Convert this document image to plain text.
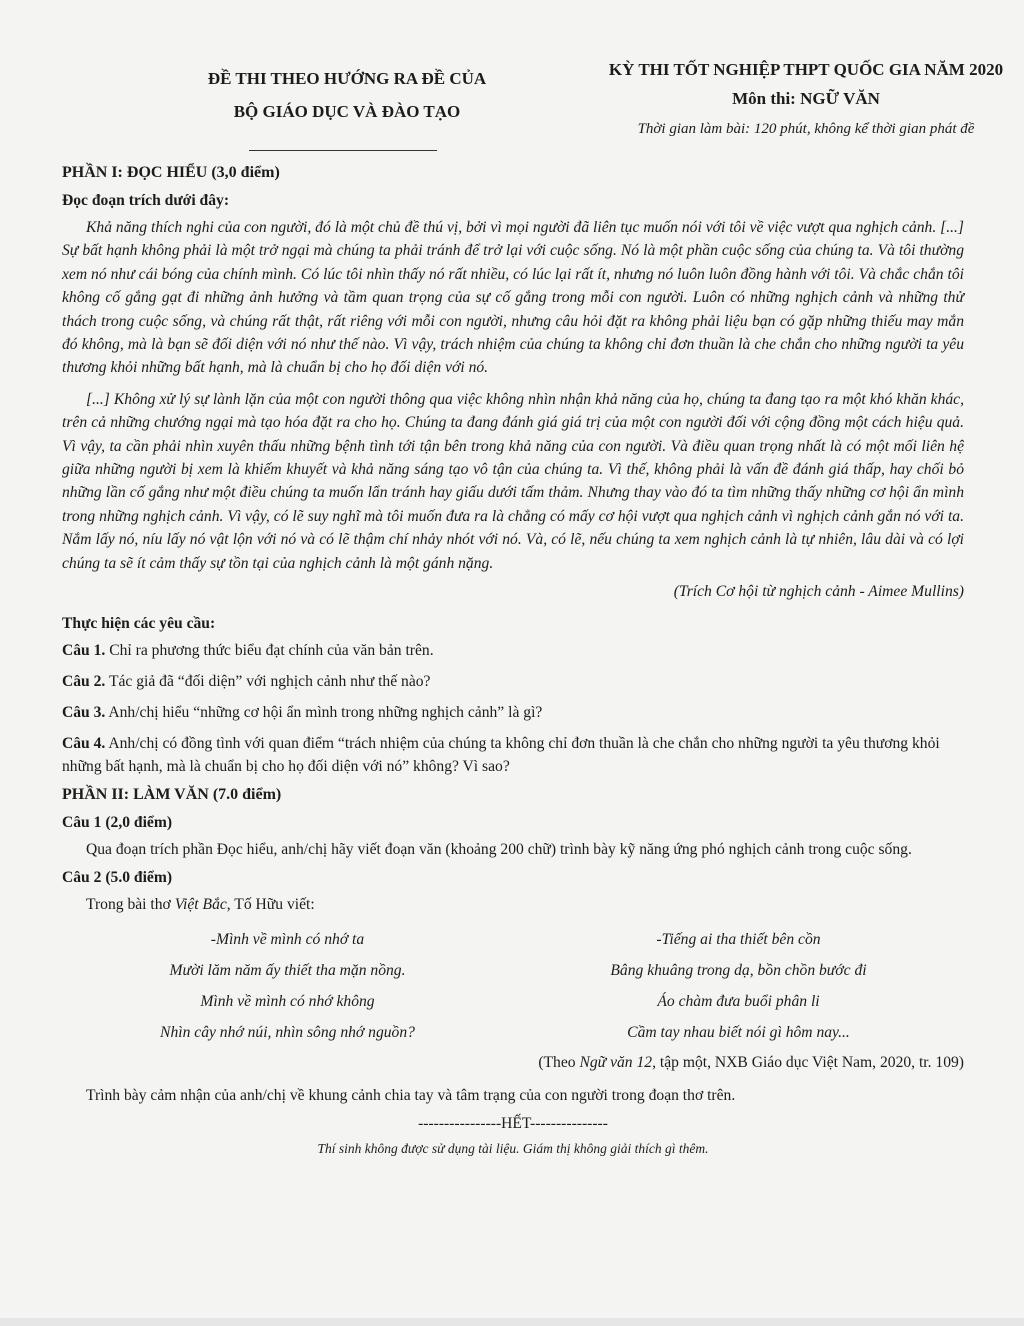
ĐỀ THI THEO HƯỚNG RA ĐỀ CỦA
BỘ GIÁO DỤC VÀ ĐÀO TẠO
KỲ THI TỐT NGHIỆP THPT QUỐC GIA NĂM 2020
Môn thi: NGỮ VĂN
Thời gian làm bài: 120 phút, không kể thời gian phát đề
PHẦN I: ĐỌC HIỂU (3,0 điểm)
Đọc đoạn trích dưới đây:

Khả năng thích nghi của con người, đó là một chủ đề thú vị, bởi vì mọi người đã liên tục muốn nói với tôi về việc vượt qua nghịch cảnh. [...] Sự bất hạnh không phải là một trở ngại mà chúng ta phải tránh để trở lại với cuộc sống. Nó là một phần cuộc sống của chúng ta. Và tôi thường xem nó như cái bóng của chính mình. Có lúc tôi nhìn thấy nó rất nhiều, có lúc lại rất ít, nhưng nó luôn luôn đồng hành với tôi. Và chắc chắn tôi không cố gắng gạt đi những ảnh hưởng và tầm quan trọng của sự cố gắng trong mỗi con người. Luôn có những nghịch cảnh và những thử thách trong cuộc sống, và chúng rất thật, rất riêng với mỗi con người, nhưng câu hỏi đặt ra không phải liệu bạn có gặp những thiếu may mắn đó không, mà là bạn sẽ đối diện với nó như thế nào. Vì vậy, trách nhiệm của chúng ta không chỉ đơn thuần là che chắn cho những người ta yêu thương khỏi những bất hạnh, mà là chuẩn bị cho họ đối diện với nó.

[...] Không xử lý sự lành lặn của một con người thông qua việc không nhìn nhận khả năng của họ, chúng ta đang tạo ra một khó khăn khác, trên cả những chướng ngại mà tạo hóa đặt ra cho họ. Chúng ta đang đánh giá giá trị của một con người đối với cộng đồng một cách hiệu quả. Vì vậy, ta cần phải nhìn xuyên thấu những bệnh tình tới tận bên trong khả năng của con người. Và điều quan trọng nhất là có một mối liên hệ giữa những người bị xem là khiếm khuyết và khả năng sáng tạo vô tận của chúng ta. Vì thế, không phải là vấn đề đánh giá thấp, hay chối bỏ những lần cố gắng như một điều chúng ta muốn lẩn tránh hay giấu dưới tấm thảm. Nhưng thay vào đó ta tìm những thấy những cơ hội ẩn mình trong những nghịch cảnh. Vì vậy, có lẽ suy nghĩ mà tôi muốn đưa ra là chẳng có mấy cơ hội vượt qua nghịch cảnh vì nghịch cảnh gắn nó với ta. Nắm lấy nó, níu lấy nó vật lộn với nó và có lẽ thậm chí nhảy nhót với nó. Và, có lẽ, nếu chúng ta xem nghịch cảnh là tự nhiên, lâu dài và có lợi chúng ta sẽ ít cảm thấy sự tồn tại của nghịch cảnh là một gánh nặng.

(Trích Cơ hội từ nghịch cảnh - Aimee Mullins)
Thực hiện các yêu cầu:
Câu 1. Chỉ ra phương thức biểu đạt chính của văn bản trên.
Câu 2. Tác giả đã “đối diện” với nghịch cảnh như thế nào?
Câu 3. Anh/chị hiểu “những cơ hội ẩn mình trong những nghịch cảnh” là gì?
Câu 4. Anh/chị có đồng tình với quan điểm “trách nhiệm của chúng ta không chỉ đơn thuần là che chắn cho những người ta yêu thương khỏi những bất hạnh, mà là chuẩn bị cho họ đối diện với nó” không? Vì sao?
PHẦN II: LÀM VĂN (7.0 điểm)
Câu 1 (2,0 điểm)

Qua đoạn trích phần Đọc hiểu, anh/chị hãy viết đoạn văn (khoảng 200 chữ) trình bày kỹ năng ứng phó nghịch cảnh trong cuộc sống.

Câu 2 (5.0 điểm)

Trong bài thơ Việt Bắc, Tố Hữu viết:

-Mình về mình có nhớ ta
Mười lăm năm ấy thiết tha mặn nồng.
Mình về mình có nhớ không
Nhìn cây nhớ núi, nhìn sông nhớ nguồn?
-Tiếng ai tha thiết bên cồn
Bâng khuâng trong dạ, bồn chồn bước đi
Áo chàm đưa buổi phân li
Cầm tay nhau biết nói gì hôm nay...
(Theo Ngữ văn 12, tập một, NXB Giáo dục Việt Nam, 2020, tr. 109)

Trình bày cảm nhận của anh/chị về khung cảnh chia tay và tâm trạng của con người trong đoạn thơ trên.

----------------HẾT---------------
Thí sinh không được sử dụng tài liệu. Giám thị không giải thích gì thêm.
